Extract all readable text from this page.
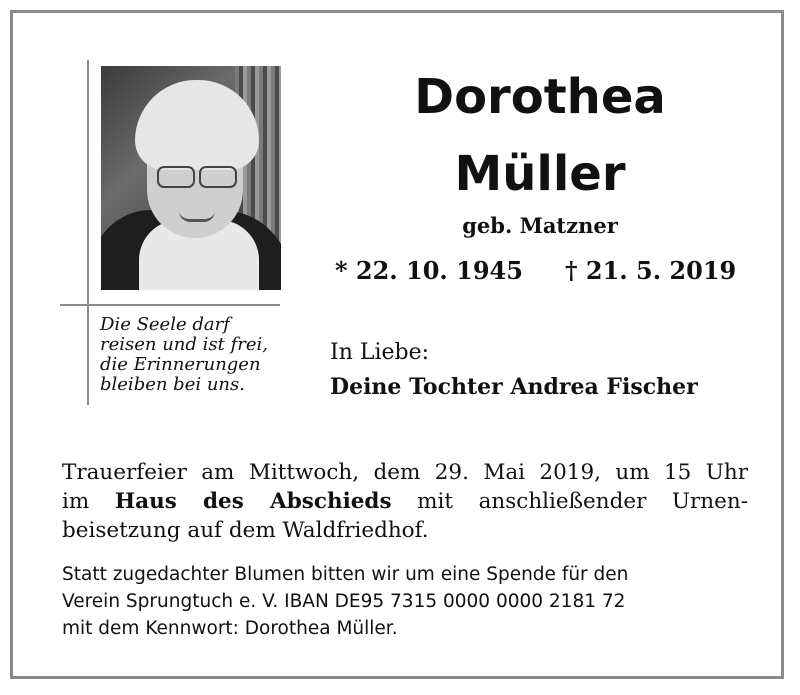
Dorothea
Müller
geb. Matzner
* 22. 10. 1945 † 21. 5. 2019
Die Seele darf
reisen und ist frei,
die Erinnerungen
bleiben bei uns.
In Liebe:
Deine Tochter Andrea Fischer
Trauerfeier am Mittwoch, dem 29. Mai 2019, um 15 Uhr
im Haus des Abschieds mit anschließender Urnen-
beisetzung auf dem Waldfriedhof.
Statt zugedachter Blumen bitten wir um eine Spende für den
Verein Sprungtuch e. V. IBAN DE95 7315 0000 0000 2181 72
mit dem Kennwort: Dorothea Müller.
